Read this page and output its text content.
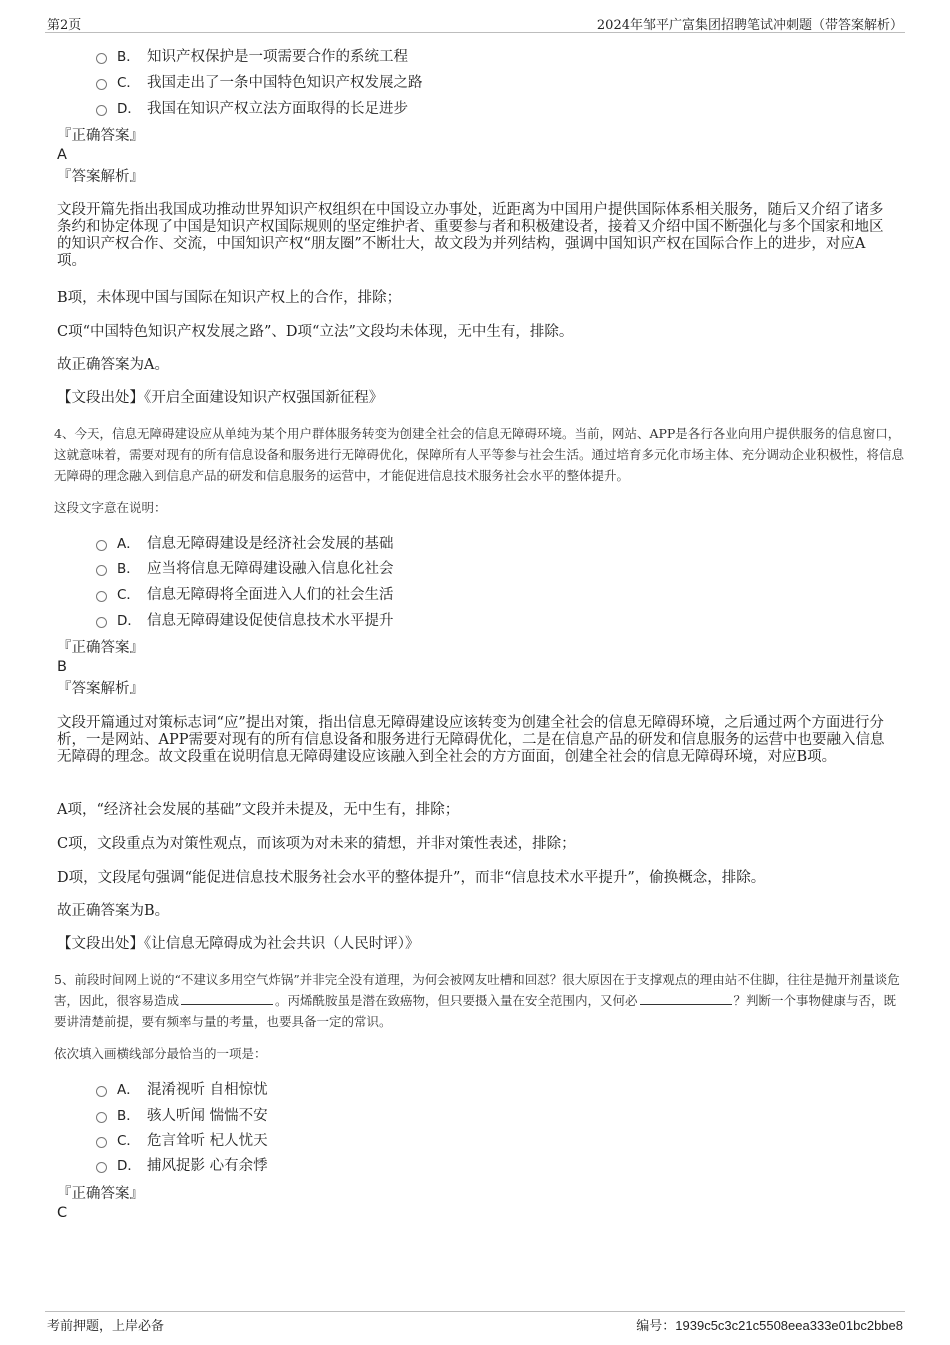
第2页	2024年邹平广富集团招聘笔试冲刺题（带答案解析）
B． 知识产权保护是一项需要合作的系统工程
C． 我国走出了一条中国特色知识产权发展之路
D． 我国在知识产权立法方面取得的长足进步
『正确答案』
A
『答案解析』
文段开篇先指出我国成功推动世界知识产权组织在中国设立办事处，近距离为中国用户提供国际体系相关服务，随后又介绍了诸多条约和协定体现了中国是知识产权国际规则的坚定维护者、重要参与者和积极建设者，接着又介绍中国不断强化与多个国家和地区的知识产权合作、交流，中国知识产权“朋友圈”不断壮大，故文段为并列结构，强调中国知识产权在国际合作上的进步，对应A项。
B项，未体现中国与国际在知识产权上的合作，排除；
C项“中国特色知识产权发展之路”、D项“立法”文段均未体现，无中生有，排除。
故正确答案为A。
【文段出处】《开启全面建设知识产权强国新征程》
4、今天，信息无障碍建设应从单纯为某个用户群体服务转变为创建全社会的信息无障碍环境。当前，网站、APP是各行各业向用户提供服务的信息窗口，这就意味着，需要对现有的所有信息设备和服务进行无障碍优化，保障所有人平等参与社会生活。通过培育多元化市场主体、充分调动企业积极性，将信息无障碍的理念融入到信息产品的研发和信息服务的运营中，才能促进信息技术服务社会水平的整体提升。
这段文字意在说明：
A． 信息无障碍建设是经济社会发展的基础
B． 应当将信息无障碍建设融入信息化社会
C． 信息无障碍将全面进入人们的社会生活
D． 信息无障碍建设促使信息技术水平提升
『正确答案』
B
『答案解析』
文段开篇通过对策标志词“应”提出对策，指出信息无障碍建设应该转变为创建全社会的信息无障碍环境，之后通过两个方面进行分析，一是网站、APP需要对现有的所有信息设备和服务进行无障碍优化，二是在信息产品的研发和信息服务的运营中也要融入信息无障碍的理念。故文段重在说明信息无障碍建设应该融入到全社会的方方面面，创建全社会的信息无障碍环境，对应B项。
A项，“经济社会发展的基础”文段并未提及，无中生有，排除；
C项，文段重点为对策性观点，而该项为对未来的猜想，并非对策性表述，排除；
D项，文段尾句强调“能促进信息技术服务社会水平的整体提升”，而非“信息技术水平提升”，偷换概念，排除。
故正确答案为B。
【文段出处】《让信息无障碍成为社会共识（人民时评）》
5、前段时间网上说的“不建议多用空气炸锅”并非完全没有道理，为何会被网友吐槽和回怼？很大原因在于支撑观点的理由站不住脚，往往是抛开剂量谈危害，因此，很容易造成	。丙烯酰胺虽是潜在致癌物，但只要摄入量在安全范围内，又何必	？判断一个事物健康与否，既要讲清楚前提，要有频率与量的考量，也要具备一定的常识。
依次填入画横线部分最恰当的一项是：
A． 混淆视听 自相惊忧
B． 骇人听闻 惴惴不安
C． 危言耸听 杞人忧天
D． 捕风捉影 心有余悸
『正确答案』
C
考前押题，上岸必备	编号：1939c5c3c21c5508eea333e01bc2bbe8
